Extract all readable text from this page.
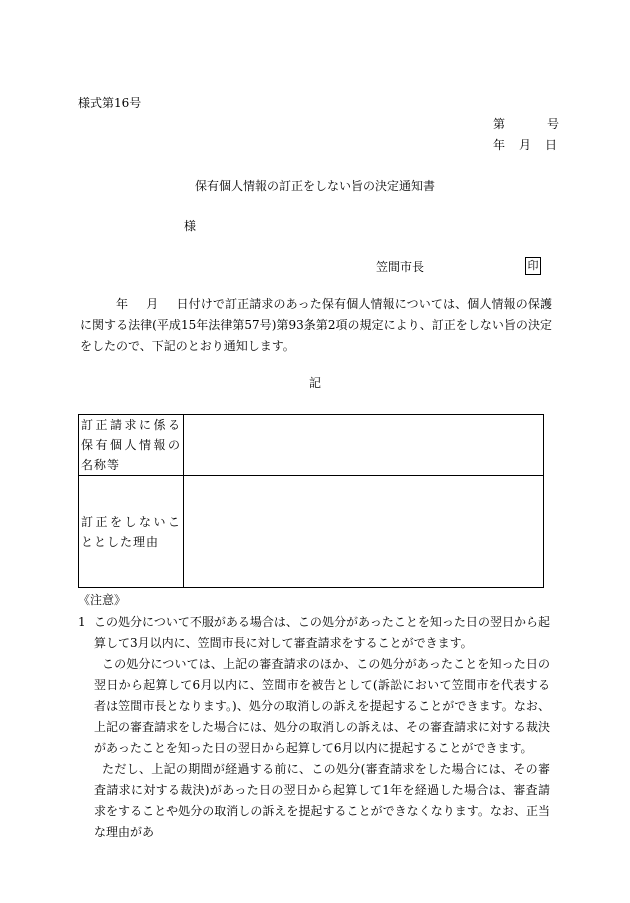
様式第16号
第	号
年 月 日
保有個人情報の訂正をしない旨の決定通知書
様
笠間市長	印
年 月 日付けで訂正請求のあった保有個人情報については、個人情報の保護に関する法律(平成15年法律第57号)第93条第2項の規定により、訂正をしない旨の決定をしたので、下記のとおり通知します。
記
訂正請求に係る保有個人情報の名称等	
訂正をしないこととした理由	
《注意》

1 この処分について不服がある場合は、この処分があったことを知った日の翌日から起算して3月以内に、笠間市長に対して審査請求をすることができます。

この処分については、上記の審査請求のほか、この処分があったことを知った日の翌日から起算して6月以内に、笠間市を被告として(訴訟において笠間市を代表する者は笠間市長となります。)、処分の取消しの訴えを提起することができます。なお、上記の審査請求をした場合には、処分の取消しの訴えは、その審査請求に対する裁決があったことを知った日の翌日から起算して6月以内に提起することができます。

ただし、上記の期間が経過する前に、この処分(審査請求をした場合には、その審査請求に対する裁決)があった日の翌日から起算して1年を経過した場合は、審査請求をすることや処分の取消しの訴えを提起することができなくなります。なお、正当な理由があ
